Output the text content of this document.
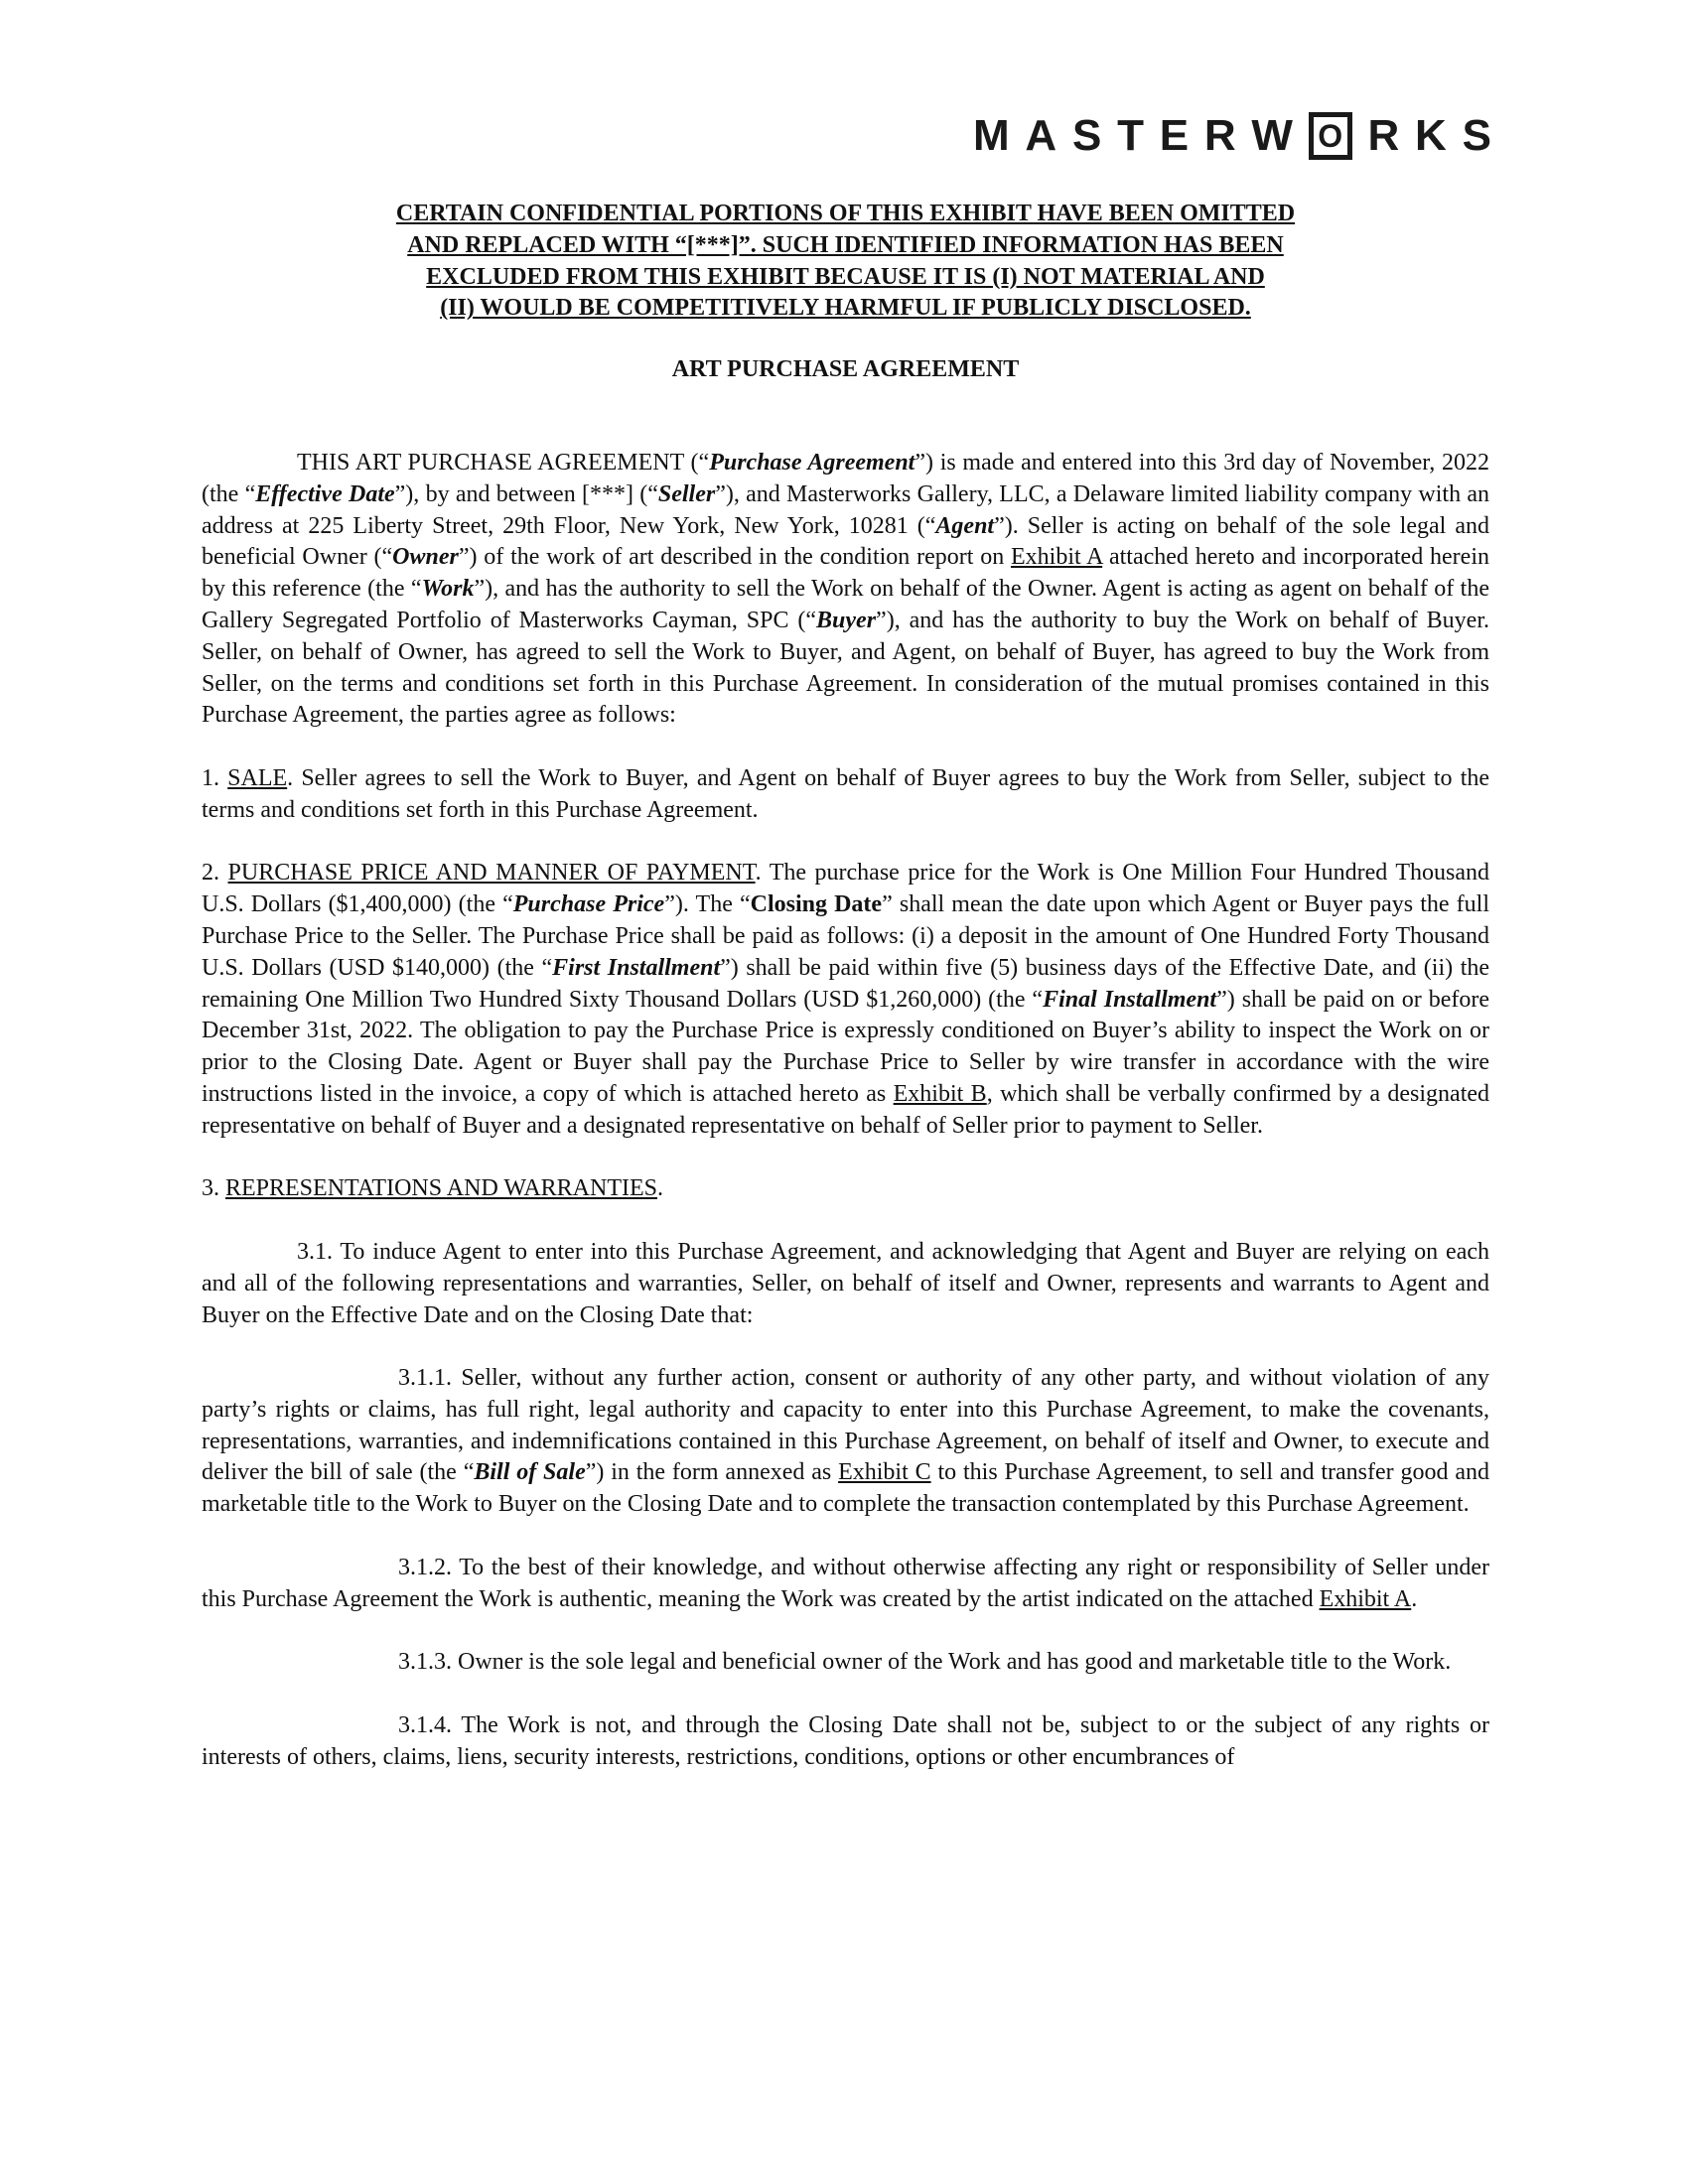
M A S T E R W O R K S

CERTAIN CONFIDENTIAL PORTIONS OF THIS EXHIBIT HAVE BEEN OMITTED
AND REPLACED WITH “[***]”. SUCH IDENTIFIED INFORMATION HAS BEEN
EXCLUDED FROM THIS EXHIBIT BECAUSE IT IS (I) NOT MATERIAL AND
(II) WOULD BE COMPETITIVELY HARMFUL IF PUBLICLY DISCLOSED.

ART PURCHASE AGREEMENT

THIS ART PURCHASE AGREEMENT (“Purchase Agreement”) is made and entered into this 3rd day of November, 2022 (the “Effective Date”), by and between [***] (“Seller”), and Masterworks Gallery, LLC, a Delaware limited liability company with an address at 225 Liberty Street, 29th Floor, New York, New York, 10281 (“Agent”). Seller is acting on behalf of the sole legal and beneficial Owner (“Owner”) of the work of art described in the condition report on Exhibit A attached hereto and incorporated herein by this reference (the “Work”), and has the authority to sell the Work on behalf of the Owner. Agent is acting as agent on behalf of the Gallery Segregated Portfolio of Masterworks Cayman, SPC (“Buyer”), and has the authority to buy the Work on behalf of Buyer. Seller, on behalf of Owner, has agreed to sell the Work to Buyer, and Agent, on behalf of Buyer, has agreed to buy the Work from Seller, on the terms and conditions set forth in this Purchase Agreement. In consideration of the mutual promises contained in this Purchase Agreement, the parties agree as follows:

1. SALE. Seller agrees to sell the Work to Buyer, and Agent on behalf of Buyer agrees to buy the Work from Seller, subject to the terms and conditions set forth in this Purchase Agreement.

2. PURCHASE PRICE AND MANNER OF PAYMENT. The purchase price for the Work is One Million Four Hundred Thousand U.S. Dollars ($1,400,000) (the “Purchase Price”). The “Closing Date” shall mean the date upon which Agent or Buyer pays the full Purchase Price to the Seller. The Purchase Price shall be paid as follows: (i) a deposit in the amount of One Hundred Forty Thousand U.S. Dollars (USD $140,000) (the “First Installment”) shall be paid within five (5) business days of the Effective Date, and (ii) the remaining One Million Two Hundred Sixty Thousand Dollars (USD $1,260,000) (the “Final Installment”) shall be paid on or before December 31st, 2022. The obligation to pay the Purchase Price is expressly conditioned on Buyer’s ability to inspect the Work on or prior to the Closing Date. Agent or Buyer shall pay the Purchase Price to Seller by wire transfer in accordance with the wire instructions listed in the invoice, a copy of which is attached hereto as Exhibit B, which shall be verbally confirmed by a designated representative on behalf of Buyer and a designated representative on behalf of Seller prior to payment to Seller.

3. REPRESENTATIONS AND WARRANTIES.

3.1. To induce Agent to enter into this Purchase Agreement, and acknowledging that Agent and Buyer are relying on each and all of the following representations and warranties, Seller, on behalf of itself and Owner, represents and warrants to Agent and Buyer on the Effective Date and on the Closing Date that:

3.1.1. Seller, without any further action, consent or authority of any other party, and without violation of any party’s rights or claims, has full right, legal authority and capacity to enter into this Purchase Agreement, to make the covenants, representations, warranties, and indemnifications contained in this Purchase Agreement, on behalf of itself and Owner, to execute and deliver the bill of sale (the “Bill of Sale”) in the form annexed as Exhibit C to this Purchase Agreement, to sell and transfer good and marketable title to the Work to Buyer on the Closing Date and to complete the transaction contemplated by this Purchase Agreement.

3.1.2. To the best of their knowledge, and without otherwise affecting any right or responsibility of Seller under this Purchase Agreement the Work is authentic, meaning the Work was created by the artist indicated on the attached Exhibit A.

3.1.3. Owner is the sole legal and beneficial owner of the Work and has good and marketable title to the Work.

3.1.4. The Work is not, and through the Closing Date shall not be, subject to or the subject of any rights or interests of others, claims, liens, security interests, restrictions, conditions, options or other encumbrances of
